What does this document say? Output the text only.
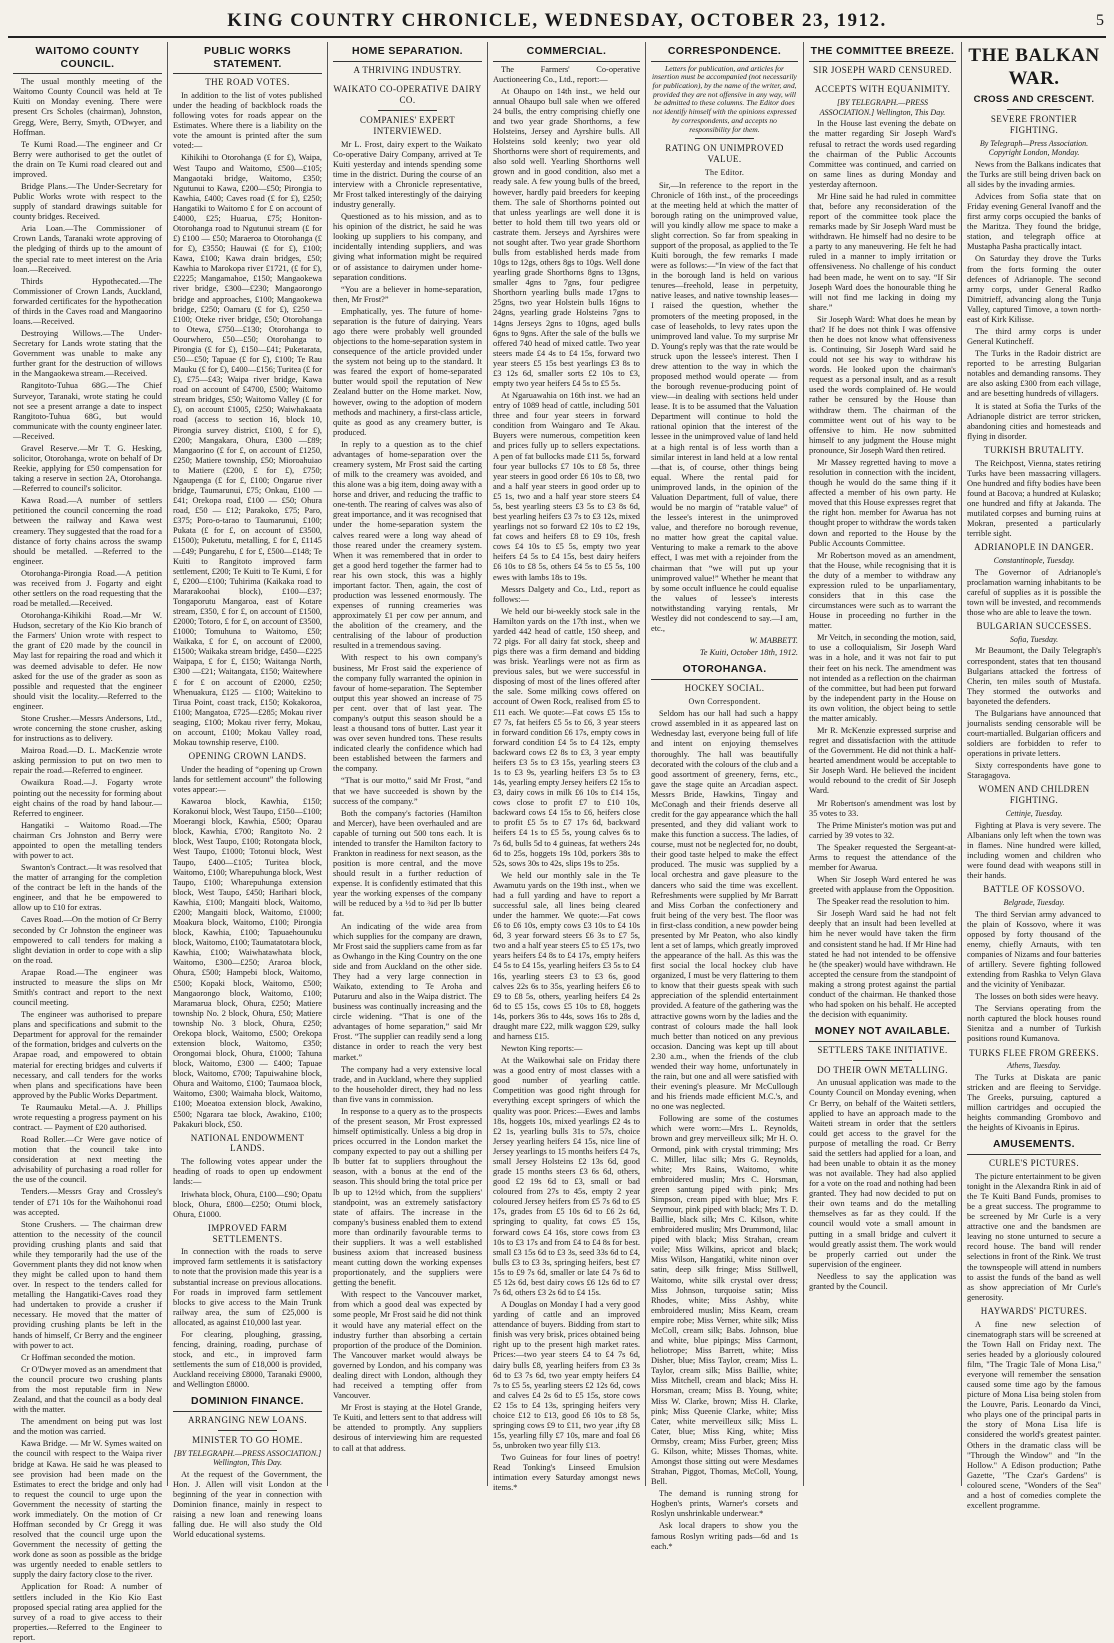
KING COUNTRY CHRONICLE, WEDNESDAY, OCTOBER 23, 1912.	5
WAITOMO COUNTY COUNCIL.

The usual monthly meeting of the Waitomo County Council was held at Te Kuiti on Monday evening. There were present Crs Scholes (chairman), Johnston, Gregg, Were, Berry, Smyth, O'Dwyer, and Hoffman.

Te Kumi Road.—The engineer and Cr Berry were authorised to get the outlet of the drain on Te Kumi road cleared out and improved.

Bridge Plans.—The Under-Secretary for Public Works wrote with respect to the supply of standard drawings suitable for county bridges. Received.

Aria Loan.—The Commissioner of Crown Lands, Taranaki wrote approving of the pledging of thirds up to the amount of the special rate to meet interest on the Aria loan.—Received.

Thirds Hypothecated.—The Commissioner of Crown Lands, Auckland, forwarded certificates for the hypothecation of thirds in the Caves road and Mangaorino loans.—Received.

Destroying Willows.—The Under-Secretary for Lands wrote stating that the Government was unable to make any further grant for the destruction of willows in the Mangaokewa stream.—Received.

Rangitoto-Tuhua 68G.—The Chief Surveyor, Taranaki, wrote stating he could not see a present arrange a date to inspect Rangitoto-Tuhua 68G, but would communicate with the county engineer later.—Received.

Gravel Reserve.—Mr T. G. Hesking, solicitor, Otorohanga, wrote on behalf of Dr Reekie, applying for £50 compensation for taking a reserve in section 2A, Otorohanga.—Referred to council's solicitor.

Kawa Road.—A number of settlers petitioned the council concerning the road between the railway and Kawa west creamery. They suggested that the road for a distance of forty chains across the swamp should be metalled. —Referred to the engineer.

Otorohanga-Pirongia Road.—A petition was received from J. Fogarty and eight other settlers on the road requesting that the road be metalled.—Received.

Otorohanga-Kihikihi Road.—Mr W. Hudson, secretary of the Kio Kio branch of the Farmers' Union wrote with respect to the grant of £20 made by the council in May last for repairing the road and which it was deemed advisable to defer. He now asked for the use of the grader as soon as possible and requested that the engineer should visit the locality.—Referred to the engineer.

Stone Crusher.—Messrs Andersons, Ltd., wrote concerning the stone crusher, asking for instructions as to delivery.

Mairoa Road.—D. L. MacKenzie wrote asking permission to put on two men to repair the road.—Referred to engineer.

Owaikura Road.—J. Fogarty wrote pointing out the necessity for forming about eight chains of the road by hand labour.—Referred to engineer.

Hangatiki – Waitomo Road.—The chairman Crs Johnston and Berry were appointed to open the metalling tenders with power to act.

Swanton's Contract.—It was resolved that the matter of arranging for the completion of the contract be left in the hands of the engineer, and that he be empowered to allow up to £10 for extras.

Caves Road.—On the motion of Cr Berry seconded by Cr Johnston the engineer was empowered to call tenders for making a slight deviation in order to cope with a slip on the road.

Arapae Road.—The engineer was instructed to measure the slips on Mr Smith's contract and report to the next council meeting.

The engineer was authorised to prepare plans and specifications and submit to the Department for approval for the remainder of the formation, bridges and culverts on the Arapae road, and empowered to obtain material for erecting bridges and culverts if necessary, and call tenders for the works when plans and specifications have been approved by the Public Works Department.

Te Raumauku Metal.—A. J. Phillips wrote requesting a progress payment on his contract. — Payment of £20 authorised.

Road Roller.—Cr Were gave notice of motion that the council take into consideration at next meeting the advisability of purchasing a road roller for the use of the council.

Tenders.—Messrs Gray and Crossley's tender of £71 10s for the Waihohonui road was accepted.

Stone Crushers. — The chairman drew attention to the necessity of the council providing crushing plants and said that while they temporarily had the use of the Government plants they did not know when they might be called upon to hand them over. In respect to the tenders called for metalling the Hangatiki-Caves road they had undertaken to provide a crusher if necessary. He moved that the matter of providing crushing plants be left in the hands of himself, Cr Berry and the engineer with power to act.

Cr Hoffman seconded the motion.

Cr O'Dwyer moved as an amendment that the council procure two crushing plants from the most reputable firm in New Zealand, and that the council as a body deal with the matter.

The amendment on being put was lost and the motion was carried.

Kawa Bridge. — Mr W. Symes waited on the council with respect to the Waipa river bridge at Kawa. He said he was pleased to see provision had been made on the Estimates to erect the bridge and only had to request the council to urge upon the Government the necessity of starting the work immediately. On the motion of Cr Hoffman seconded by Cr Gregg it was resolved that the council urge upon the Government the necessity of getting the work done as soon as possible as the bridge was urgently needed to enable settlers to supply the dairy factory close to the river.

Application for Road: A number of settlers included in the Kio Kio East proposed special rating area applied for the survey of a road to give access to their properties.—Referred to the Engineer to report.

PUBLIC WORKS STATEMENT.
THE ROAD VOTES.

In addition to the list of votes published under the heading of backblock roads the following votes for roads appear on the Estimates. Where there is a liability on the vote the amount is printed after the sum voted:—

Kihikihi to Otorohanga (£ for £), Waipa, West Taupo and Waitomo, £500—£105; Mangaotaki bridge, Waitomo, £350; Ngutunui to Kawa, £200—£50; Pirongia to Kawhia, £400; Caves road (£ for £), £250; Hangatiki to Waitomo £ for £ on account of £4000, £25; Huarua, £75; Honiton-Otorohanga road to Ngutunui stream (£ for £) £100 — £50; Maraeroa to Otorohanga (£ for £), £3550; Hauwai (£ for £), £100; Kawa, £100; Kawa drain bridges, £50; Kawhia to Marokopa river £1721, (£ for £), £2225; Mangamahoe, £150; Mangaokewa river bridge, £300—£230; Mangaorongo bridge and approaches, £100; Mangaokewa bridge, £250; Oamaru (£ for £), £250 — £100; Oteke river bridge, £50; Otorohanga to Otewa, £750—£130; Otorohanga to Oourwhero, £50—£50; Otorohanga to Pirongia (£ for £), £150—£41; Puketarata, £50—£50; Tapuae (£ for £), £100; Te Rau Mauku (£ for £), £400—£156; Turitea (£ for £), £75—£43; Waipa river bridge, Kawa road on account of £4700, £500; Waitomo stream bridges, £50; Waitomo Valley (£ for £), on account £1005, £250; Waiwhakaata road (access to section 16, block 10, Pirongia survey district, £100, £ for £), £200; Mangakara, Ohura, £300 —£89; Mangaorino (£ for £, on account of £1250, £250; Matiere township, £50; Mioroahuiao to Matiere (£200, £ for £), £750; Ngaupenga (£ for £, £100; Ongarue river bridge, Taumarunui, £75; Onkau, £100 —£41; Orekopa road, £100 — £50; Ohura road, £50 — £12; Parakoko, £75; Paro, £375; Poro-o-tarao to Taumarunui, £100; Pukata (£ for £, on account of £3500, £1500); Puketutu, metalling, £ for £, £1145—£49; Pungarehu, £ for £, £500—£148; Te Kuiti to Rangitoto improved farm settlement, £200; Te Kuiti to Te Kumi, £ for £, £200—£100; Tuhirima (Kaikaka road to Mararakoohai block), £100—£37; Tongaporutu Mangaroa, east of Kotare stream, £350, £ for £, on account of £1500, £2000; Totoro, £ for £, on account of £3500, £1000; Tomuhuna to Waitomo, £50; Waikaka, £ for £, on account of £2000, £1500; Waikaka stream bridge, £450—£225 Waipapa, £ for £, £150; Waitanga North, £300 —£21; Waitangata, £150; Waitewhere £ for £ on account of £2000, £250; Whenuakura, £125 — £100; Waitekino to Tirua Point, coast track, £150; Kokakoroa, £100; Mangatoa, £725—£285; Mokau river seaging, £100; Mokau river ferry, Mokau, on account, £100; Mokau Valley road, Mokau township reserve, £100.

OPENING CROWN LANDS.

Under the heading of “opening up Crown lands for settlement account” the following votes appear:—

Kawaroa block, Kawhia, £150; Korakonui block, West Taupo, £150—£100; Moerangi block, Kawhia, £500; Oparau block, Kawhia, £700; Rangitoto No. 2 block, West Taupo, £100; Rotongata block, West Taupo, £1000; Totonui block, West Taupo, £400—£105; Turitea block, Waitomo, £100; Wharepuhunga block, West Taupo, £100; Wharepuhunga extension block, West Taupo, £450; Harihari block, Kawhia, £100; Mangaiti block, Waitomo, £200; Mangaiti block, Waitomo, £1000; Moakura block, Waitomo, £100; Pirongia block, Kawhia, £100; Tapuaehounuku block, Waitomo, £100; Taumatatotara block, Kawhia, £100; Waiwhatawhata block, Waitomo, £300—£250; Araroa block, Ohura, £500; Hampebi block, Waitomo, £500; Kopaki block, Waitomo, £500; Mangaorongo block, Waitomo, £100; Maramarua block, Ohura, £250; Matiere township No. 2 block, Ohura, £50; Matiere township No. 3 block, Ohura, £250; Orekopa block, Waitomo, £500; Orekopa extension block, Waitomo, £350; Orongomai block, Ohura, £1000; Tahuna block, Waitomo, £300 — £400; Tapuae block, Waitomo, £700; Tapuiwahine block, Ohura and Waitomo, £100; Taumaoa block, Waitomo, £300; Waimaha block, Waitomo, £100; Moeatoa extension block, Awakino, £500; Ngarara tae block, Awakino, £100; Pakakuri block, £50.

NATIONAL ENDOWMENT LANDS.

The following votes appear under the heading of roads to open up endowment lands:—

Iriwhata block, Ohura, £100—£90; Opatu block, Ohura, £800—£250; Otumi block, Ohura, £1000.

IMPROVED FARM SETTLEMENTS.

In connection with the roads to serve improved farm settlements it is satisfactory to note that the provision made this year is a substantial increase on previous allocations. For roads in improved farm settlement blocks to give access to the Main Trunk railway area, the sum of £25,000 is allocated, as against £10,000 last year.

For clearing, ploughing, grassing, fencing, draining, roading, purchase of stock, and etc., in improved farm settlements the sum of £18,000 is provided, Auckland receiving £8000, Taranaki £9000, and Wellington £8000.

DOMINION FINANCE.
ARRANGING NEW LOANS.
MINISTER TO GO HOME.
[BY TELEGRAPH.—PRESS ASSOCIATION.] Wellington, This Day.

At the request of the Government, the Hon. J. Allen will visit London at the beginning of the year in connection with Dominion finance, mainly in respect to raising a new loan and renewing loans falling due. He will also study the Old World educational systems.

HOME SEPARATION.
A THRIVING INDUSTRY.
WAIKATO CO-OPERATIVE DAIRY CO.
COMPANIES' EXPERT INTERVIEWED.

Mr L. Frost, dairy expert to the Waikato Co-operative Dairy Company, arrived at Te Kuiti yesterday and intends spending some time in the district. During the course of an interview with a Chronicle representative, Mr Frost talked interestingly of the dairying industry generally.

Questioned as to his mission, and as to his opinion of the district, he said he was looking up suppliers to his company, and incidentally intending suppliers, and was giving what information might be required or of assistance to dairymen under home-separation conditions.

“You are a believer in home-separation, then, Mr Frost?”

Emphatically, yes. The future of home-separation is the future of dairying. Years ago there were probably well grounded objections to the home-separation system in consequence of the article provided under the system not being up to the standard. It was feared the export of home-separated butter would spoil the reputation of New Zealand butter on the Home market. Now, however, owing to the adoption of modern methods and machinery, a first-class article, quite as good as any creamery butter, is produced.

In reply to a question as to the chief advantages of home-separation over the creamery system, Mr Frost said the carting of milk to the creamery was avoided, and this alone was a big item, doing away with a horse and driver, and reducing the traffic to one-tenth. The rearing of calves was also of great importance, and it was recognised that under the home-separation system the calves reared were a long way ahead of those reared under the creamery system. When it was remembered that in order to get a good herd together the farmer had to rear his own stock, this was a highly important factor. Then, again, the cost of production was lessened enormously. The expenses of running creameries was approximately £1 per cow per annum, and the abolition of the creamery, and the centralising of the labour of production resulted in a tremendous saving.

With respect to his own company's business, Mr Frost said the experience of the company fully warranted the opinion in favour of home-separation. The September output this year showed an increase of 75 per cent. over that of last year. The company's output this season should be a least a thousand tons of butter. Last year it was over seven hundred tons. These results indicated clearly the confidence which had been established between the farmers and the company.

“That is our motto,” said Mr Frost, “and that we have succeeded is shown by the success of the company.”

Both the company's factories (Hamilton and Mercer), have been overhauled and are capable of turning out 500 tons each. It is intended to transfer the Hamilton factory to Frankton in readiness for next season, as the position is more central, and the move should result in a further reduction of expense. It is confidently estimated that this year the working expenses of the company will be reduced by a ½d to ¾d per lb butter fat.

An indicating of the wide area from which supplies for the company are drawn, Mr Frost said the suppliers came from as far as Owhango in the King Country on the one side and from Auckland on the other side. They had a very large connection in Waikato, extending to Te Aroha and Putaruru and also in the Waipa district. The business was continually increasing and the circle widening. “That is one of the advantages of home separation,” said Mr Frost. “The supplier can readily send a long distance in order to reach the very best market.”

The company had a very extensive local trade, and in Auckland, where they supplied to the householder direct, they had no less than five vans in commission.

In response to a query as to the prospects of the present season, Mr Frost expressed himself optimistically. Unless a big drop in prices occurred in the London market the company expected to pay out a shilling per lb butter fat to suppliers throughout the season, with a bonus at the end of the season. This should bring the total price per lb up to 12½d which, from the suppliers' standpoint, was an extremely satisfactory state of affairs. The increase in the company's business enabled them to extend more than ordinarily favourable terms to their suppliers. It was a well established business axiom that increased business meant cutting down the working expenses proportionately, and the suppliers were getting the benefit.

With respect to the Vancouver market, from which a good deal was expected by some people, Mr Frost said he did not think it would have any material effect on the industry further than absorbing a certain proportion of the produce of the Dominion. The Vancouver market would always be governed by London, and his company was dealing direct with London, although they had received a tempting offer from Vancouver.

Mr Frost is staying at the Hotel Grande, Te Kuiti, and letters sent to that address will be attended to promptly. Any suppliers desirous of interviewing him are requested to call at that address.

COMMERCIAL.

The Farmers' Co-operative Auctioneering Co., Ltd., report:—

At Ohaupo on 14th inst., we held our annual Ohaupo bull sale when we offered 24 bulls, the entry comprising chiefly one and two year grade Shorthorns, a few Holsteins, Jersey and Ayrshire bulls. All Holsteins sold keenly; two year old Shorthorns were short of requirements, and also sold well. Yearling Shorthorns well grown and in good condition, also met a ready sale. A few young bulls of the breed, however, hardly paid breeders for keeping them. The sale of Shorthorns pointed out that unless yearlings are well done it is better to hold them till two years old or castrate them. Jerseys and Ayrshires were not sought after. Two year grade Shorthorn bulls from established herds made from 10gs to 12gs, others 8gs to 10gs. Well done yearling grade Shorthorns 8gns to 13gns, smaller 4gns to 7gns, four pedigree Shorthorn yearling bulls made 17gns to 25gns, two year Holstein bulls 16gns to 24gns, yearling grade Holsteins 7gns to 14gns Jerseys 2gns to 10gns, aged bulls 6gns to 9gns. After the sale of the bulls we offered 740 head of mixed cattle. Two year steers made £4 4s to £4 15s, forward two year steers £5 15s best yearlings £3 8s to £3 12s 6d, smaller sorts £2 10s to £3, empty two year heifers £4 5s to £5 5s.

At Ngaruawahia on 16th inst. we had an entry of 1089 head of cattle, including 501 three and four year steers in forward condition from Waingaro and Te Akau. Buyers were numerous, competition keen and prices fully up to sellers expectations. A pen of fat bullocks made £11 5s, forward four year bullocks £7 10s to £8 5s, three year steers in good order £6 10s to £8, two and a half year steers in good order up to £5 1s, two and a half year store steers £4 5s, best yearling steers £3 5s to £3 8s 6d, best yearling heifers £3 7s to £3 12s, mixed yearlings not so forward £2 10s to £2 19s, fat cows and heifers £8 to £9 10s, fresh cows £4 10s to £5 5s, empty two year heifers £4 5s to £4 15s, best dairy heifers £6 10s to £8 5s, others £4 5s to £5 5s, 100 ewes with lambs 18s to 19s.

Messrs Dalgety and Co., Ltd., report as follows:—

We held our bi-weekly stock sale in the Hamilton yards on the 17th inst., when we yarded 442 head of cattle, 150 sheep, and 72 pigs. For all dairy fat stock, sheep and pigs there was a firm demand and bidding was brisk. Yearlings were not as firm as previous sales, but we were successful in disposing of most of the lines offered after the sale. Some milking cows offered on account of Owen Rock, realised from £5 to £11 each. We quote:—Fat cows £5 15s to £7 7s, fat heifers £5 5s to £6, 3 year steers in forward condition £6 17s, empty cows in forward condition £4 5s to £4 12s, empty backward cows £2 8s to £3, 3 year empty heifers £3 5s to £3 15s, yearling steers £3 1s to £3 9s, yearling heifers £3 5s to £3 14s, yearling empty Jersey heifers £2 15s to £3, dairy cows in milk £6 10s to £14 15s, cows close to profit £7 to £10 10s, backward cows £4 15s to £6, heifers close to profit £5 5s to £7 17s 6d, backward heifers £4 1s to £5 5s, young calves 6s to 7s 6d, bulls 5d to 4 guineas, fat wethers 24s 6d to 25s, hoggets 19s 10d, porkers 38s to 52s, sows 30s to 42s, slips 19s to 25s.

We held our monthly sale in the Te Awamutu yards on the 19th inst., when we had a full yarding and have to report a successful sale, all lines being cleared under the hammer. We quote:—Fat cows £6 to £6 10s, empty cows £3 10s to £4 10s 6d, 3 year forward steers £6 3s to £7 5s, two and a half year steers £5 to £5 17s, two years heifers £4 8s to £4 17s, empty heifers £4 5s to £4 15s, yearling heifers £3 5s to £4 16s, yearling steers £3 to £3 6s, good calves 22s 6s to 35s, yearling heifers £6 to £9 to £8 5s, others, yearling heifers £4 2s 6d to £5 15s, cows £5 10s to £8, hoggets 14s, porkers 36s to 44s, sows 16s to 28s d, draught mare £22, milk waggon £29, sulky and harness £15.

Newton King reports:—

At the Waikowhai sale on Friday there was a good entry of most classes with a good number of yearling cattle. Competition was good right through for everything except springers of which the quality was poor. Prices:—Ewes and lambs 18s, hoggets 10s, mixed yearlings £2 4s to £2 1s, yearling bulls 31s to 57s, choice Jersey yearling heifers £4 15s, nice line of Jersey yearlings to 15 months heifers £4 7s, small Jersey Holsteins £2 13s 6d, good grade 15 months steers £3 6s 6d, others, good £2 19s 6d to £3, small or bad coloured from 27s to 45s, empty 2 year coloured Jersey heifers from £5 7s 6d to £5 17s, grades from £5 10s 6d to £6 2s 6d, springing to quality, fat cows £5 15s, forward cows £4 16s, store cows from £3 10s to £3 17s and from £4 to £4 8s for best. small £3 15s 6d to £3 3s, seed 33s 6d to £4, bulls £3 to £3 3s, springing heifers, best £7 15s to £9 7s 6d, smaller or late £4 7s 6d to £5 12s 6d, best dairy cows £6 12s 6d to £7 7s 6d, others £3 2s 6d to £4 15s.

A Douglas on Monday I had a very good yarding of cattle and an improved attendance of buyers. Bidding from start to finish was very brisk, prices obtained being right up to the present high market rates. Prices:—two year steers £4 to £4 7s 6d, dairy bulls £8, yearling heifers from £3 3s 6d to £3 7s 6d, two year empty heifers £4 7s to £5 5s, yearling steers £2 12s 6d, cows and calves £4 2s 6d to £5 15s, store cows £2 15s to £4 13s, springing heifers very choice £12 to £13, good £6 10s to £8 5s, springing cows £9 to £11, two year ,ifty £8 15s, yearling filly £7 10s, mare and foal £6 5s, unbroken two year filly £13.

Two Guineas for four lines of poetry! Read Tonking's Linseed Emulsion intimation every Saturday amongst news items.*

CORRESPONDENCE.
Letters for publication, and articles for insertion must be accompanied (not necessarily for publication), by the name of the writer, and, provided they are not offensive in any way, will be admitted to these columns. The Editor does not identify himself with the opinions expressed by correspondents, and accepts no responsibility for them.
RATING ON UNIMPROVED VALUE.
The Editor.

Sir,—In reference to the report in the Chronicle of 16th inst., of the proceedings at the meeting held at which the matter of borough rating on the unimproved value, will you kindly allow me space to make a slight correction. So far from speaking in support of the proposal, as applied to the Te Kuiti borough, the few remarks I made were as follows:—“In view of the fact that in the borough land is held on various tenures—freehold, lease in perpetuity, native leases, and native township leases—I raised the question, whether the promoters of the meeting proposed, in the case of leaseholds, to levy rates upon the unimproved land value. To my surprise Mr D. Young's reply was that the rate would be struck upon the lessee's interest. Then I drew attention to the way in which the proposed method would operate — from the borough revenue-producing point of view—in dealing with sections held under lease. It is to be assumed that the Valuation Department will continue to hold the rational opinion that the interest of the lessee in the unimproved value of land held at a high rental is of less worth than a similar interest in land held at a low rental—that is, of course, other things being equal. Where the rental paid for unimproved lands, in the opinion of the Valuation Department, full of value, there would be no margin of “ratable value” of the lessee's interest in the unimproved value, and therefore no borough revenue, no matter how great the capital value. Venturing to make a remark to the above effect, I was met with a rejoinder from the chairman that “we will put up your unimproved value!” Whether he meant that by some occult influence he could equalise the values of lessee's interests notwithstanding varying rentals, Mr Westley did not condescend to say.—I am, etc.,

W. MABBETT.
Te Kuiti, October 18th, 1912.
OTOROHANGA.
HOCKEY SOCIAL.
Own Correspondent.

Seldom has our hall had such a happy crowd assembled in it as appeared last on Wednesday last, everyone being full of life and intent on enjoying themselves thoroughly. The hall was beautifully decorated with the colours of the club and a good assortment of greenery, ferns, etc., gave the stage quite an Arcadian aspect. Messrs Bride, Hawkins, Tingay and McConagh and their friends deserve all credit for the gay appearance which the hall presented, and they did valiant work to make this function a success. The ladies, of course, must not be neglected for, no doubt, their good taste helped to make the effect produced. The music was supplied by a local orchestra and gave pleasure to the dancers who said the time was excellent. Refreshments were supplied by Mr Barratt and Miss Corban the confectionery and fruit being of the very best. The floor was in first-class condition, a new powder being presented by Mr Peaton, who also kindly lent a set of lamps, which greatly improved the appearance of the hall. As this was the first social the local hockey club have organized, I must be very flattering to them to know that their guests speak with such appreciation of the splendid entertainment provided. A feature of the gathering was the attractive gowns worn by the ladies and the contrast of colours made the hall look much better than noticed on any previous occasion. Dancing was kept up till about 2.30 a.m., when the friends of the club wended their way home, unfortunately in the rain, but one and all were satisfied with their evening's pleasure. Mr McCullough and his friends made efficient M.C.'s, and no one was neglected.

Following are some of the costumes which were worn:—Mrs L. Reynolds, brown and grey merveilleux silk; Mr H. O. Ormond, pink with crystal trimming; Mrs C. Miller, lilac silk; Mrs G. Reynolds, white; Mrs Rains, Waitomo, white embroidered muslin; Mrs C. Horsman, green santung piped with pink; Mrs Simpson, cream piped with blue; Mrs F. Seymour, pink piped with black; Mrs T. D. Baillie, black silk; Mrs C. Kilson, white embroidered muslin; Mrs Drummond, lilac piped with black; Miss Strahan, cream voile; Miss Wilkins, apricot and black; Miss Wilson, Hangatiki, white ninon over satin, deep silk fringe; Miss Stillwell, Waitomo, white silk crystal over dress; Miss Johnson, turquoise satin; Miss Rhodes, white; Miss Ashby, white embroidered muslin; Miss Keam, cream empire robe; Miss Verner, white silk; Miss McColl, cream silk; Babs. Johnson, blue and white, blue pipings; Miss Carmont, heliotrope; Miss Barrett, white; Miss Disher, blue; Miss Taylor, cream; Miss L. Taylor, cream silk; Miss Baillie, white; Miss Mitchell, cream and black; Miss H. Horsman, cream; Miss B. Young, white; Miss W. Clarke, brown; Miss H. Clarke, pink; Miss Queenie Clarke, white; Miss Cater, white merveilleux silk; Miss L. Cater, blue; Miss King, white; Miss Ormsby, cream; Miss Furber, green; Miss G. Kilson, white; Misses Thomas, white. Amongst those sitting out were Mesdames Strahan, Piggot, Thomas, McColl, Young, Bell.

The demand is running strong for Hogben's prints, Warner's corsets and Roslyn unshrinkable underwear.*

Ask local drapers to show you the famous Roslyn writing pads—6d and 1s each.*

THE COMMITTEE BREEZE.
SIR JOSEPH WARD CENSURED.
ACCEPTS WITH EQUANIMITY.
[BY TELEGRAPH.—PRESS ASSOCIATION.] Wellington, This Day.

In the House last evening the debate on the matter regarding Sir Joseph Ward's refusal to retract the words used regarding the chairman of the Public Accounts Committee was continued, and carried on on same lines as during Monday and yesterday afternoon.

Mr Hine said he had ruled in committee that, before any reconsideration of the report of the committee took place the remarks made by Sir Joseph Ward must be withdrawn. He himself had no desire to be a party to any maneuvering. He felt he had ruled in a manner to imply irritation or offensiveness. No challenge of his conduct had been made, he went on to say. “If Sir Joseph Ward does the honourable thing he will not find me lacking in doing my share.”

Sir Joseph Ward: What does he mean by that? If he does not think I was offensive then he does not know what offensiveness is. Continuing, Sir Joseph Ward said he could not see his way to withdraw his words. He looked upon the chairman's request as a personal insult, and as a result used the words complained of. He would rather be censured by the House than withdraw them. The chairman of the committee went out of his way to be offensive to him. He now submitted himself to any judgment the House might pronounce, Sir Joseph Ward then retired.

Mr Massey regretted having to move a resolution in connection with the incident, though he would do the same thing if it affected a member of his own party. He moved that this House expresses regret that the right hon. member for Awarua has not thought proper to withdraw the words taken down and reported to the House by the Public Accounts Committee.

Mr Robertson moved as an amendment, that the House, while recognising that it is the duty of a member to withdraw any expression ruled to be unparliamentary, considers that in this case the circumstances were such as to warrant the House in proceeding no further in the matter.

Mr Veitch, in seconding the motion, said, to use a colloquialism, Sir Joseph Ward was in a hole, and it was not fair to put their feet on his neck. The amendment was not intended as a reflection on the chairman of the committee, but had been put forward by the independent party in the House on its own volition, the object being to settle the matter amicably.

Mr R. McKenzie expressed surprise and regret and dissatisfaction with the attitude of the Government. He did not think a half-hearted amendment would be acceptable to Sir Joseph Ward. He believed the incident would rebound to the credit of Sir Joseph Ward.

Mr Robertson's amendment was lost by 35 votes to 33.

The Prime Minister's motion was put and carried by 39 votes to 32.

The Speaker requested the Sergeant-at-Arms to request the attendance of the member for Awarua.

When Sir Joseph Ward entered he was greeted with applause from the Opposition.

The Speaker read the resolution to him.

Sir Joseph Ward said he had not felt deeply that an insult had been levelled at him he never would have taken the firm and consistent stand he had. If Mr Hine had stated he had not intended to be offensive he (the speaker) would have withdrawn. He accepted the censure from the standpoint of making a strong protest against the partial conduct of the chairman. He thanked those who had spoken on his behalf. He accepted the decision with equanimity.

MONEY NOT AVAILABLE.
SETTLERS TAKE INITIATIVE.
DO THEIR OWN METALLING.

An unusual application was made to the County Council on Monday evening, when Cr Berry, on behalf of the Waiteti settlers, applied to have an approach made to the Waiteti stream in order that the settlers could get access to the gravel for the purpose of metalling the road. Cr Berry said the settlers had applied for a loan, and had been unable to obtain it as the money was not available. They had also applied for a vote on the road and nothing had been granted. They had now decided to put on their own teams and do the metalling themselves as far as they could. If the council would vote a small amount in putting in a small bridge and culvert it would greatly assist them. The work would be properly carried out under the supervision of the engineer.

Needless to say the application was granted by the Council.

THE BALKAN WAR.
CROSS AND CRESCENT.
SEVERE FRONTIER FIGHTING.
By Telegraph—Press Association. Copyright London, Monday.

News from the Balkans indicates that the Turks are still being driven back on all sides by the invading armies.

Advices from Sofia state that on Friday evening General Ivanoff and the first army corps occupied the banks of the Maritza. They found the bridge, station, and telegraph office at Mustapha Pasha practically intact.

On Saturday they drove the Turks from the forts forming the outer defences of Adrianople. The second army corps, under General Radko Dimitrieff, advancing along the Tunja Valley, captured Timove, a town north-east of Kirk Kilisse.

The third army corps is under General Kutincheff.

The Turks in the Radoir district are reported to be arresting Bulgarian notables and demanding ransoms. They are also asking £300 from each village, and are besetting hundreds of villagers.

It is stated at Sofia the Turks of the Adrianople district are terror stricken, abandoning cities and homesteads and flying in disorder.

TURKISH BRUTALITY.

The Reichpost, Vienna, states retiring Turks have been massacring villagers. One hundred and fifty bodies have been found at Bacova; a hundred at Kulasko; one hundred and fifty at Jakanda. The mutilated corpses and burning ruins at Mokran, presented a particularly terrible sight.

ADRIANOPLE IN DANGER.
Constantinople, Tuesday.

The Governor of Adrianople's proclamation warning inhabitants to be careful of supplies as it is possible the town will be invested, and recommends those who are able to leave the town.

BULGARIAN SUCCESSES.
Sofia, Tuesday.

Mr Beaumont, the Daily Telegraph's correspondent, states that ten thousand Bulgarians attacked the fortress of Cherin, ten miles south of Mustafa. They stormed the outworks and bayoneted the defenders.

The Bulgarians have announced that journalists sending censorable will be court-martialled. Bulgarian officers and soldiers are forbidden to refer to operations in private letters.

Sixty correspondents have gone to Staragagova.

WOMEN AND CHILDREN FIGHTING.
Cettinje, Tuesday.

Fighting at Plava is very severe. The Albanians only left when the town was in flames. Nine hundred were killed, including women and children who were found dead with weapons still in their hands.

BATTLE OF KOSSOVO.
Belgrade, Tuesday.

The third Servian army advanced to the plain of Kossovo, where it was opposed by forty thousand of the enemy, chiefly Arnauts, with ten companies of Nizams and four batteries of artillery. Severe fighting followed extending from Rashka to Velyn Glava and the vicinity of Yenibazar.

The losses on both sides were heavy.

The Servians operating from the north captured the block houses round Sienitza and a number of Turkish positions round Kumanova.

TURKS FLEE FROM GREEKS.
Athens, Tuesday.

The Turks at Diskata are panic stricken and are fleeing to Servidge. The Greeks, pursuing, captured a million cartridges and occupied the heights commanding Grombovo and the heights of Kivoanis in Epirus.

AMUSEMENTS.
CURLE'S PICTURES.

The picture entertainment to be given tonight in the Alexandra Rink in aid of the Te Kuiti Band Funds, promises to be a great success. The programme to be screened by Mr Curle is a very attractive one and the bandsmen are leaving no stone unturned to secure a record house. The band will render selections in front of the Rink. We trust the townspeople will attend in numbers to assist the funds of the band as well as show appreciation of Mr Curle's generosity.

HAYWARDS' PICTURES.

A fine new selection of cinematograph stars will be screened at the Town Hall on Friday next. The series headed by a gloriously coloured film, "The Tragic Tale of Mona Lisa," everyone will remember the sensation caused some time ago by the famous picture of Mona Lisa being stolen from the Louvre, Paris. Leonardo da Vinci, who plays one of the principal parts in the story of Mona Lisa life is considered the world's greatest painter. Others in the dramatic class will be "Through the Window" and "In the Hollow." A Edison production; Pathe Gazette, "The Czar's Gardens" is coloured scene, "Wonders of the Sea" and a host of comedies complete the excellent programme.
